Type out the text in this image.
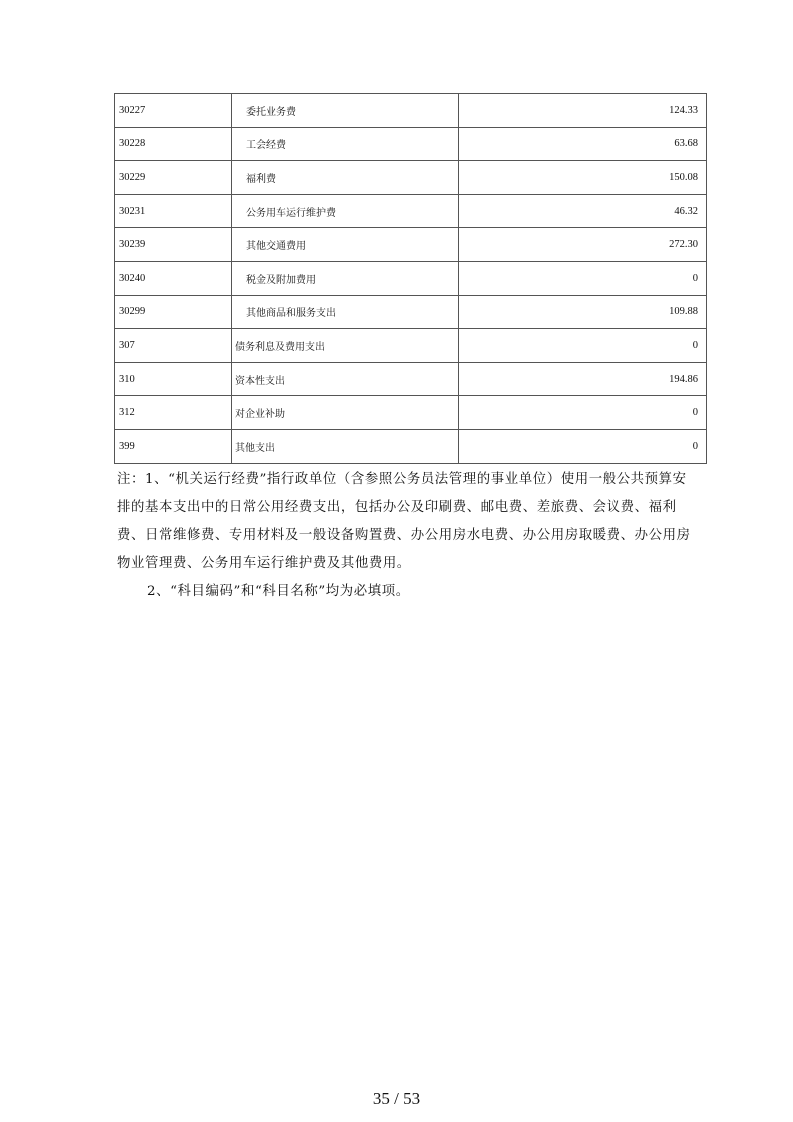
30227	委托业务费	124.33
30228	工会经费	63.68
30229	福利费	150.08
30231	公务用车运行维护费	46.32
30239	其他交通费用	272.30
30240	税金及附加费用	0
30299	其他商品和服务支出	109.88
307	债务利息及费用支出	0
310	资本性支出	194.86
312	对企业补助	0
399	其他支出	0

注：1、“机关运行经费”指行政单位（含参照公务员法管理的事业单位）使用一般公共预算安排的基本支出中的日常公用经费支出，包括办公及印刷费、邮电费、差旅费、会议费、福利费、日常维修费、专用材料及一般设备购置费、办公用房水电费、办公用房取暖费、办公用房物业管理费、公务用车运行维护费及其他费用。

2、“科目编码”和“科目名称”均为必填项。

35 / 53
